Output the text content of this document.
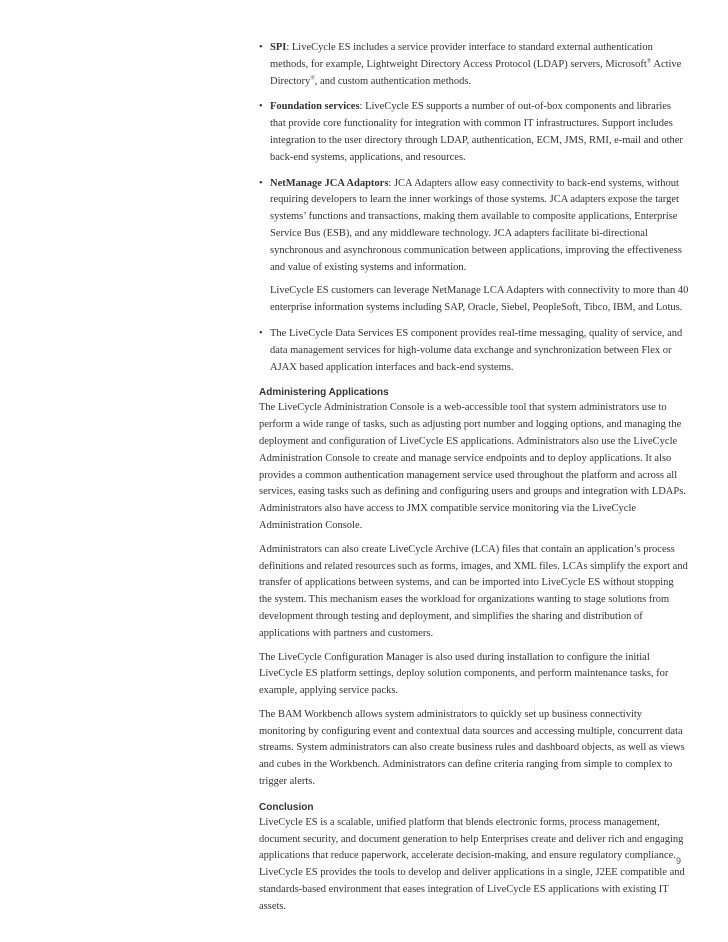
• SPI: LiveCycle ES includes a service provider interface to standard external authentication methods, for example, Lightweight Directory Access Protocol (LDAP) servers, Microsoft® Active Directory®, and custom authentication methods.

• Foundation services: LiveCycle ES supports a number of out-of-box components and libraries that provide core functionality for integration with common IT infrastructures. Support includes integration to the user directory through LDAP, authentication, ECM, JMS, RMI, e-mail and other back-end systems, applications, and resources.

• NetManage JCA Adaptors: JCA Adapters allow easy connectivity to back-end systems, without requiring developers to learn the inner workings of those systems. JCA adapters expose the target systems’ functions and transactions, making them available to composite applications, Enterprise Service Bus (ESB), and any middleware technology. JCA adapters facilitate bi-directional synchronous and asynchronous communication between applications, improving the effectiveness and value of existing systems and information.

LiveCycle ES customers can leverage NetManage LCA Adapters with connectivity to more than 40 enterprise information systems including SAP, Oracle, Siebel, PeopleSoft, Tibco, IBM, and Lotus.

• The LiveCycle Data Services ES component provides real-time messaging, quality of service, and data management services for high-volume data exchange and synchronization between Flex or AJAX based application interfaces and back-end systems.

Administering Applications

The LiveCycle Administration Console is a web-accessible tool that system administrators use to perform a wide range of tasks, such as adjusting port number and logging options, and managing the deployment and configuration of LiveCycle ES applications. Administrators also use the LiveCycle Administration Console to create and manage service endpoints and to deploy applications. It also provides a common authentication management service used throughout the platform and across all services, easing tasks such as defining and configuring users and groups and integration with LDAPs. Administrators also have access to JMX compatible service monitoring via the LiveCycle Administration Console.

Administrators can also create LiveCycle Archive (LCA) files that contain an application’s process definitions and related resources such as forms, images, and XML files. LCAs simplify the export and transfer of applications between systems, and can be imported into LiveCycle ES without stopping the system. This mechanism eases the workload for organizations wanting to stage solutions from development through testing and deployment, and simplifies the sharing and distribution of applications with partners and customers.

The LiveCycle Configuration Manager is also used during installation to configure the initial LiveCycle ES platform settings, deploy solution components, and perform maintenance tasks, for example, applying service packs.

The BAM Workbench allows system administrators to quickly set up business connectivity monitoring by configuring event and contextual data sources and accessing multiple, concurrent data streams. System administrators can also create business rules and dashboard objects, as well as views and cubes in the Workbench. Administrators can define criteria ranging from simple to complex to trigger alerts.

Conclusion

LiveCycle ES is a scalable, unified platform that blends electronic forms, process management, document security, and document generation to help Enterprises create and deliver rich and engaging applications that reduce paperwork, accelerate decision-making, and ensure regulatory compliance. LiveCycle ES provides the tools to develop and deliver applications in a single, J2EE compatible and standards-based environment that eases integration of LiveCycle ES applications with existing IT assets.

9
